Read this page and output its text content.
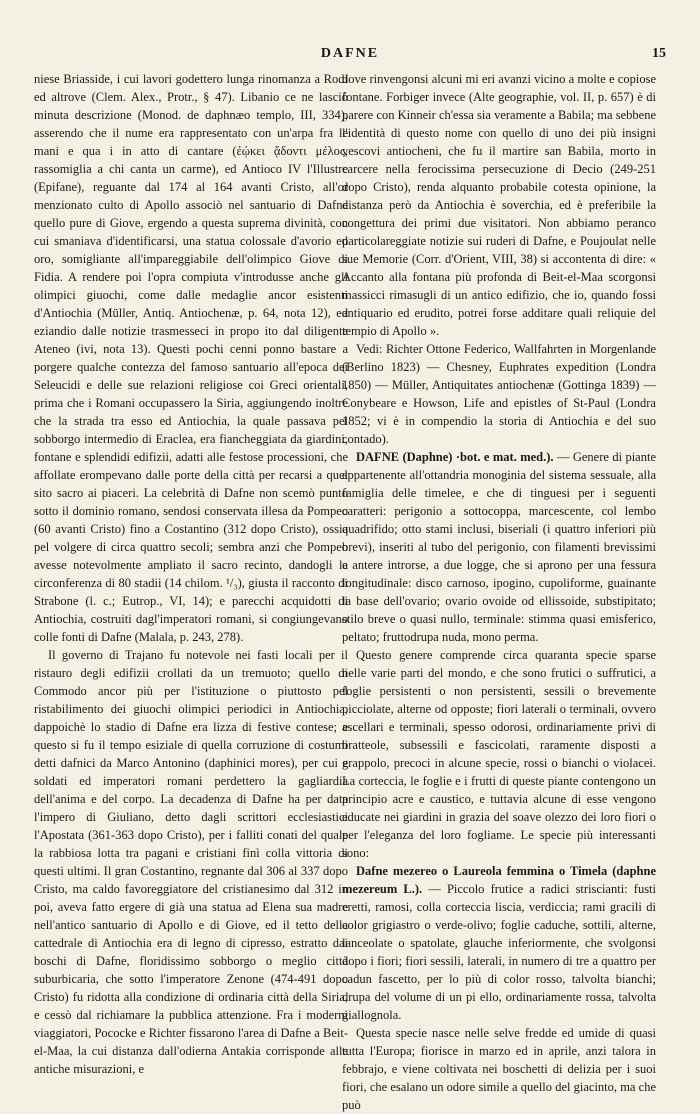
DAFNE	15

niese Briasside, i cui lavori godettero lunga rinomanza a Rodi ed altrove (Clem. Alex., Protr., § 47). Libanio ce ne lasciò minuta descrizione (Monod. de daphnæo templo, III, 334), asserendo che il nume era rappresentato con un'arpa fra le mani e qua i in atto di cantare (ἐῴκει ᾄδοντι μέλος, rassomiglia a chi canta un carme), ed Antioco IV l'Illustre (Epifane), reguante dal 174 al 164 avanti Cristo, all'or menzionato culto di Apollo associò nel santuario di Dafne quello pure di Giove, ergendo a questa suprema divinità, con cui smaniava d'identificarsi, una statua colossale d'avorio ed oro, somigliante all'impareggiabile dell'olimpico Giove di Fidia. A rendere poi l'opra compiuta v'introdusse anche gli olimpici giuochi, come dalle medaglie ancor esistenti d'Antiochia (Müller, Antiq. Antiochenæ, p. 64, nota 12), ed eziandio dalle notizie trasmesseci in propo ito dal diligente Ateneo (ivi, nota 13). Questi pochi cenni ponno bastare a porgere qualche contezza del famoso santuario all'epoca dei Seleucidi e delle sue relazioni religiose coi Greci orientali, prima che i Romani occupassero la Siria, aggiungendo inoltre che la strada tra esso ed Antiochia, la quale passava pel sobborgo intermedio di Eraclea, era fiancheggiata da giardini, fontane e splendidi edifizii, adatti alle festose processioni, che affollate erompevano dalle porte della città per recarsi a quel sito sacro ai piaceri. La celebrità di Dafne non scemò punto sotto il dominio romano, sendosi conservata illesa da Pompeo (60 avanti Cristo) fino a Costantino (312 dopo Cristo), ossia pel volgere di circa quattro secoli; sembra anzi che Pompeo avesse notevolmente ampliato il sacro recinto, dandogli la circonferenza di 80 stadii (14 chilom. ¹/₃), giusta il racconto di Strabone (l. c.; Eutrop., VI, 14); e parecchi acquidotti di Antiochia, costruiti dagl'imperatori romani, si congiungevano colle fonti di Dafne (Malala, p. 243, 278).

Il governo di Trajano fu notevole nei fasti locali per il ristauro degli edifizii crollati da un tremuoto; quello di Commodo ancor più per l'istituzione o piuttosto pel ristabilimento dei giuochi olimpici periodici in Antiochia, dappoichè lo stadio di Dafne era lizza di festive contese; e questo si fu il tempo esiziale di quella corruzione di costumi detti dafnici da Marco Antonino (daphinici mores), per cui e soldati ed imperatori romani perdettero la gagliardia dell'anima e del corpo. La decadenza di Dafne ha per data l'impero di Giuliano, detto dagli scrittori ecclesiastici l'Apostata (361-363 dopo Cristo), per i falliti conati del quale la rabbiosa lotta tra pagani e cristiani finì colla vittoria di questi ultimi. Il gran Costantino, regnante dal 306 al 337 dopo Cristo, ma caldo favoreggiatore del cristianesimo dal 312 in poi, aveva fatto ergere di già una statua ad Elena sua madre nell'antico santuario di Apollo e di Giove, ed il tetto della cattedrale di Antiochia era di legno di cipresso, estratto dai boschi di Dafne, floridissimo sobborgo o meglio città suburbicaria, che sotto l'imperatore Zenone (474-491 dopo Cristo) fu ridotta alla condizione di ordinaria città della Siria, e cessò dal richiamare la pubblica attenzione. Fra i moderni viaggiatori, Pococke e Richter fissarono l'area di Dafne a Beit-el-Maa, la cui distanza dall'odierna Antakia corrisponde alle antiche misurazioni, e

dove rinvengonsi alcuni mi eri avanzi vicino a molte e copiose fontane. Forbiger invece (Alte geographie, vol. II, p. 657) è di parere con Kinneir ch'essa sia veramente a Babila; ma sebbene l'identità di questo nome con quello di uno dei più insigni vescovi antiocheni, che fu il martire san Babila, morto in carcere nella ferocissima persecuzione di Decio (249-251 dopo Cristo), renda alquanto probabile cotesta opinione, la distanza però da Antiochia è soverchia, ed è preferibile la congettura dei primi due visitatori. Non abbiamo peranco particolareggiate notizie sui ruderi di Dafne, e Poujoulat nelle sue Memorie (Corr. d'Orient, VIII, 38) si accontenta di dire: « Accanto alla fontana più profonda di Beit-el-Maa scorgonsi massicci rimasugli di un antico edifizio, che io, quando fossi antiquario ed erudito, potrei forse additare quali reliquie del tempio di Apollo ».

Vedi: Richter Ottone Federico, Wallfahrten in Morgenlande (Berlino 1823) — Chesney, Euphrates expedition (Londra 1850) — Müller, Antiquitates antiochenæ (Gottinga 1839) — Conybeare e Howson, Life and epistles of St-Paul (Londra 1852; vi è in compendio la storia di Antiochia e del suo contado).

DAFNE (Daphne) ·bot. e mat. med.). — Genere di piante appartenente all'ottandria monoginia del sistema sessuale, alla famiglia delle timelee, e che di tinguesi per i seguenti caratteri: perigonio a sottocoppa, marcescente, col lembo quadrifido; otto stami inclusi, biseriali (i quattro inferiori più brevi), inseriti al tubo del perigonio, con filamenti brevissimi e antere introrse, a due logge, che si aprono per una fessura longitudinale: disco carnoso, ipogino, cupoliforme, guainante la base dell'ovario; ovario ovoide od ellissoide, substipitato; stilo breve o quasi nullo, terminale: stimma quasi emisferico, peltato; fruttodrupa nuda, mono perma.

Questo genere comprende circa quaranta specie sparse nelle varie parti del mondo, e che sono frutici o suffrutici, a foglie persistenti o non persistenti, sessili o brevemente picciolate, alterne od opposte; fiori laterali o terminali, ovvero ascellari e terminali, spesso odorosi, ordinariamente privi di bratteole, subsessili e fascicolati, raramente disposti a grappolo, precoci in alcune specie, rossi o bianchi o violacei. La corteccia, le foglie e i frutti di queste piante contengono un principio acre e caustico, e tuttavia alcune di esse vengono educate nei giardini in grazia del soave olezzo dei loro fiori o per l'eleganza del loro fogliame. Le specie più interessanti sono:

Dafne mezereo o Laureola femmina o Timela (daphne mezereum L.). — Piccolo frutice a radici striscianti: fusti eretti, ramosi, colla corteccia liscia, verdiccia; rami gracili di color grigiastro o verde-olivo; foglie caduche, sottili, alterne, lanceolate o spatolate, glauche inferiormente, che svolgonsi dopo i fiori; fiori sessili, laterali, in numero di tre a quattro per cadun fascetto, per lo più di color rosso, talvolta bianchi; drupa del volume di un pi ello, ordinariamente rossa, talvolta giallognola.

Questa specie nasce nelle selve fredde ed umide di quasi tutta l'Europa; fiorisce in marzo ed in aprile, anzi talora in febbrajo, e viene coltivata nei boschetti di delizia per i suoi fiori, che esalano un odore simile a quello del giacinto, ma che può
